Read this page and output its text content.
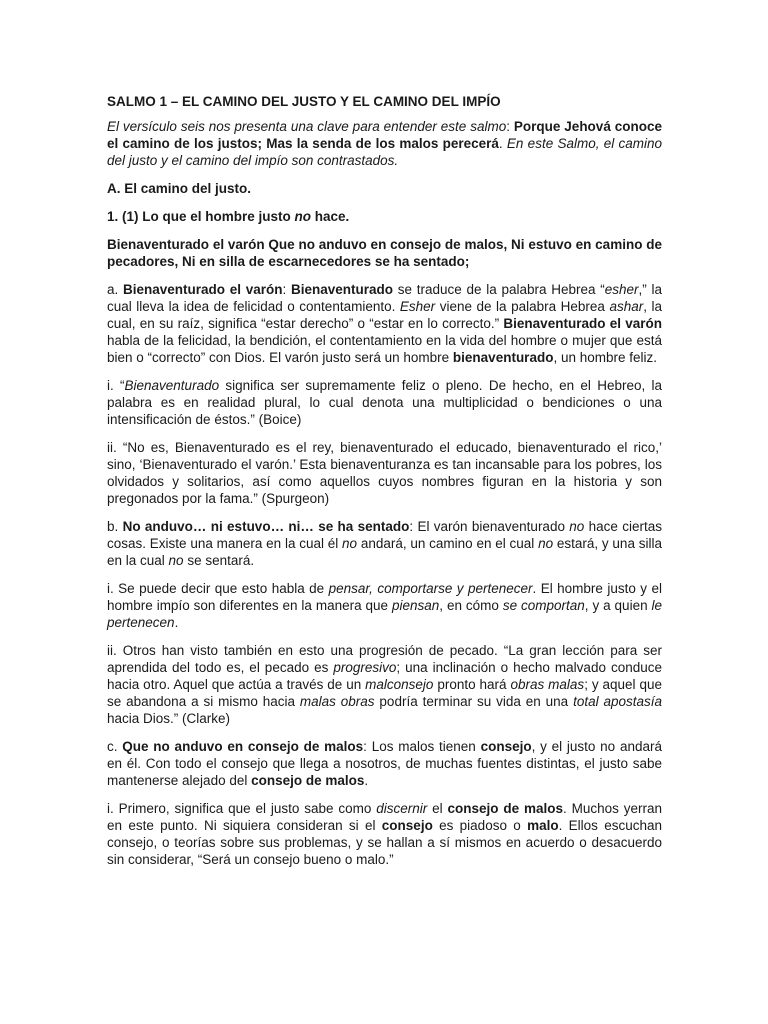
SALMO 1 – EL CAMINO DEL JUSTO Y EL CAMINO DEL IMPÍO

El versículo seis nos presenta una clave para entender este salmo: Porque Jehová conoce el camino de los justos; Mas la senda de los malos perecerá. En este Salmo, el camino del justo y el camino del impío son contrastados.

A. El camino del justo.

1. (1) Lo que el hombre justo no hace.

Bienaventurado el varón Que no anduvo en consejo de malos, Ni estuvo en camino de pecadores, Ni en silla de escarnecedores se ha sentado;

a. Bienaventurado el varón: Bienaventurado se traduce de la palabra Hebrea “esher,” la cual lleva la idea de felicidad o contentamiento. Esher viene de la palabra Hebrea ashar, la cual, en su raíz, significa “estar derecho” o “estar en lo correcto.” Bienaventurado el varón habla de la felicidad, la bendición, el contentamiento en la vida del hombre o mujer que está bien o “correcto” con Dios. El varón justo será un hombre bienaventurado, un hombre feliz.

i. “Bienaventurado significa ser supremamente feliz o pleno. De hecho, en el Hebreo, la palabra es en realidad plural, lo cual denota una multiplicidad o bendiciones o una intensificación de éstos.” (Boice)

ii. “No es, Bienaventurado es el rey, bienaventurado el educado, bienaventurado el rico,’ sino, ‘Bienaventurado el varón.’ Esta bienaventuranza es tan incansable para los pobres, los olvidados y solitarios, así como aquellos cuyos nombres figuran en la historia y son pregonados por la fama.” (Spurgeon)

b. No anduvo… ni estuvo… ni… se ha sentado: El varón bienaventurado no hace ciertas cosas. Existe una manera en la cual él no andará, un camino en el cual no estará, y una silla en la cual no se sentará.

i. Se puede decir que esto habla de pensar, comportarse y pertenecer. El hombre justo y el hombre impío son diferentes en la manera que piensan, en cómo se comportan, y a quien le pertenecen.

ii. Otros han visto también en esto una progresión de pecado. “La gran lección para ser aprendida del todo es, el pecado es progresivo; una inclinación o hecho malvado conduce hacia otro. Aquel que actúa a través de un malconsejo pronto hará obras malas; y aquel que se abandona a si mismo hacia malas obras podría terminar su vida en una total apostasía hacia Dios.” (Clarke)

c. Que no anduvo en consejo de malos: Los malos tienen consejo, y el justo no andará en él. Con todo el consejo que llega a nosotros, de muchas fuentes distintas, el justo sabe mantenerse alejado del consejo de malos.

i. Primero, significa que el justo sabe como discernir el consejo de malos. Muchos yerran en este punto. Ni siquiera consideran si el consejo es piadoso o malo. Ellos escuchan consejo, o teorías sobre sus problemas, y se hallan a sí mismos en acuerdo o desacuerdo sin considerar, “Será un consejo bueno o malo.”
